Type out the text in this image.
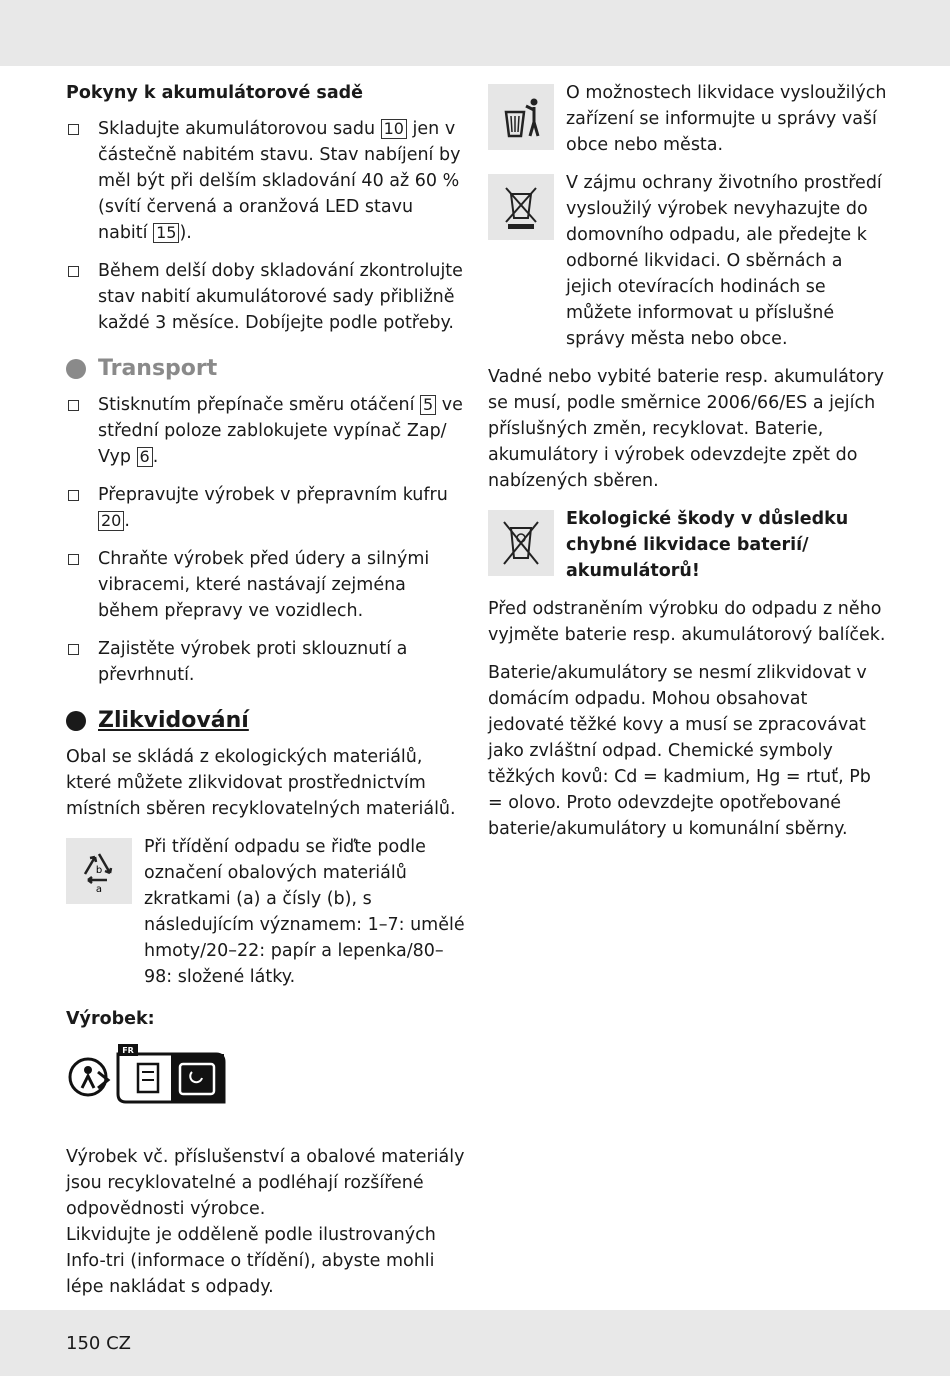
Pokyny k akumulátorové sadě
Skladujte akumulátorovou sadu 10 jen v částečně nabitém stavu. Stav nabíjení by měl být při delším skladování 40 až 60 % (svítí červená a oranžová LED stavu nabití 15 ).
Během delší doby skladování zkontrolujte stav nabití akumulátorové sady přibližně každé 3 měsíce. Dobíjejte podle potřeby.
Transport
Stisknutím přepínače směru otáčení 5 ve střední poloze zablokujete vypínač Zap/ Vyp 6 .
Přepravujte výrobek v přepravním kufru 20 .
Chraňte výrobek před údery a silnými vibracemi, které nastávají zejména během přepravy ve vozidlech.
Zajistěte výrobek proti sklouznutí a převrhnutí.
Zlikvidování

Obal se skládá z ekologických materiálů, které můžete zlikvidovat prostřednictvím místních sběren recyklovatelných materiálů.

b
a
Při třídění odpadu se řiďte podle označení obalových materiálů zkratkami (a) a čísly (b), s následujícím významem: 1–7: umělé hmoty/20–22: papír a lepenka/80–98: složené látky.
Výrobek:
FR

Výrobek vč. příslušenství a obalové materiály jsou recyklovatelné a podléhají rozšířené odpovědnosti výrobce.

Likvidujte je odděleně podle ilustrovaných Info-tri (informace o třídění), abyste mohli lépe nakládat s odpady.

O možnostech likvidace vysloužilých zařízení se informujte u správy vaší obce nebo města.
V zájmu ochrany životního prostředí vysloužilý výrobek nevyhazujte do domovního odpadu, ale předejte k odborné likvidaci. O sběrnách a jejich otevíracích hodinách se můžete informovat u příslušné správy města nebo obce.

Vadné nebo vybité baterie resp. akumulátory se musí, podle směrnice 2006/66/ES a jejích příslušných změn, recyklovat. Baterie, akumulátory i výrobek odevzdejte zpět do nabízených sběren.

Ekologické škody v důsledku chybné likvidace baterií/ akumulátorů!

Před odstraněním výrobku do odpadu z něho vyjměte baterie resp. akumulátorový balíček.

Baterie/akumulátory se nesmí zlikvidovat v domácím odpadu. Mohou obsahovat jedovaté těžké kovy a musí se zpracovávat jako zvláštní odpad. Chemické symboly těžkých kovů: Cd = kadmium, Hg = rtuť, Pb = olovo. Proto odevzdejte opotřebované baterie/akumulátory u komunální sběrny.

150 CZ
